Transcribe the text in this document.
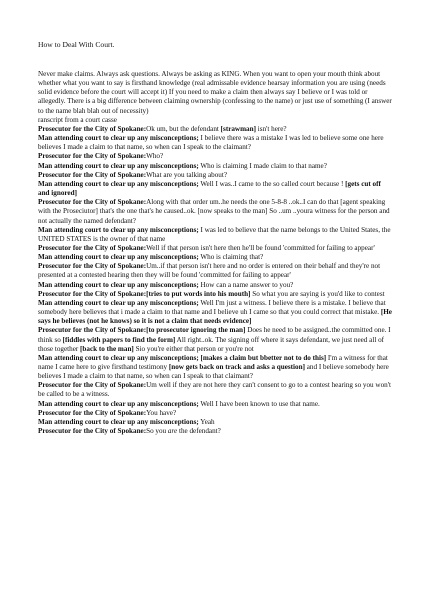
How to Deal With Court.

Never make claims. Always ask questions. Always be asking as KING. When you want to open your mouth think about whether what you want to say is firsthand knowledge (real admissable evidence hearsay information you are using (needs solid evidence before the court will accept it) If you need to make a claim then always say I believe or I was told or allegedly. There is a big difference between claiming ownership (confessing to the name) or just use of something (I answer to the name blah blah out of necessity)

ranscript from a court casse

Prosecutor for the City of Spokane:Ok um, but the defendant [strawman] isn't here?

Man attending court to clear up any misconceptions; I believe there was a mistake I was led to believe some one here believes I made a claim to that name, so when can I speak to the claimant?

Prosecutor for the City of Spokane:Who?

Man attending court to clear up any misconceptions; Who is claiming I made claim to that name?

Prosecutor for the City of Spokane:What are you talking about?

Man attending court to clear up any misconceptions; Well I was..I came to the so called court because ! [gets cut off and ignored]

Prosecutor for the City of Spokane:Along with that order um..he needs the one 5-8-8 ..ok..I can do that [agent speaking with the Proseciutor] that's the one that's he caused..ok. [now speaks to the man] So ..um ..youra witness for the person and not actually the named defendant?

Man attending court to clear up any misconceptions; I was led to believe that the name belongs to the United States, the UNITED STATES is the owner of that name

Prosecutor for the City of Spokane:Well if that person isn't here then he'll be found 'committed for failing to appear'

Man attending court to clear up any misconceptions; Who is claiming that?

Prosecutor for the City of Spokane:Um..if that person isn't here and no order is entered on their behalf and they're not presented at a contested hearing then they will be found 'committed for failing to appear'

Man attending court to clear up any misconceptions; How can a name answer to you?

Prosecutor for the City of Spokane:[tries to put words into his mouth] So what you are saying is you'd like to contest

Man attending court to clear up any misconceptions; Well I'm just a witness. I believe there is a mistake. I believe that somebody here believes that i made a claim to that name and I believe uh I came so that you could correct that mistake. [He says he believes (not he knows) so it is not a claim that needs evidence]

Prosecutor for the City of Spokane:[to prosecutor ignoring the man] Does he need to be assigned..the committed one. I think so [fiddles with papers to find the form] All right..ok. The signing off where it says defendant, we just need all of those together [back to the man] Sio you're either that person or you're not

Man attending court to clear up any misconceptions; [makes a claim but bbetter not to do this] I'm a witness for that name I came here to give firsthand testimony [now gets back on track and asks a question] and I believe somebody here believes I made a claim to that name, so when can I speak to that claimant?

Prosecutor for the City of Spokane:Um well if they are not here they can't consent to go to a contest hearing so you won't be called to be a witness.

Man attending court to clear up any misconceptions; Well I have been known to use that name.

Prosecutor for the City of Spokane:You have?

Man attending court to clear up any misconceptions; Yeah

Prosecutor for the City of Spokane:So you are the defendant?
